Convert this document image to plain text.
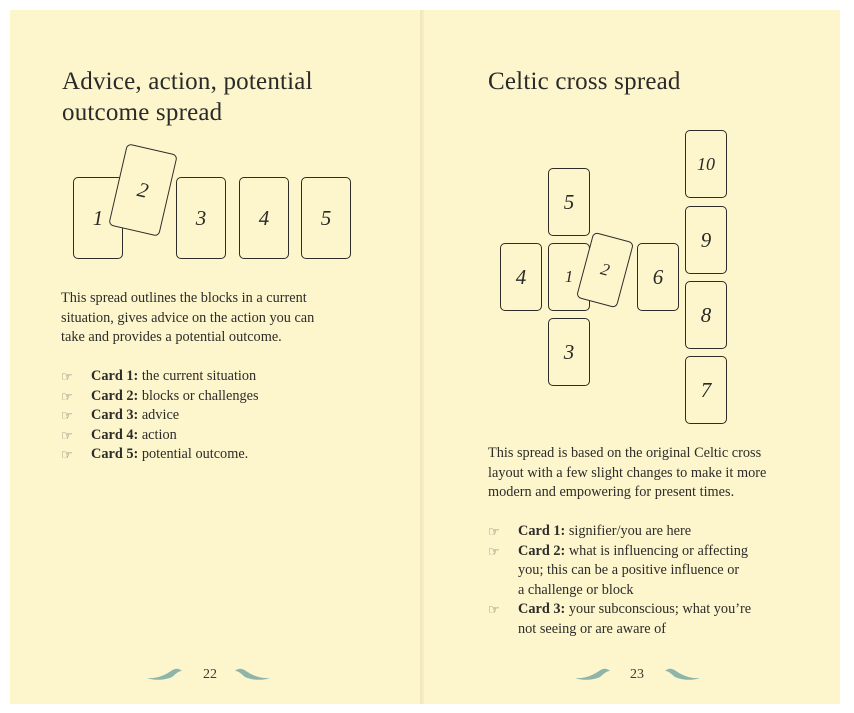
Advice, action, potential
outcome spread
1
2
3	4 5

This spread outlines the blocks in a current
situation, gives advice on the action you can
take and provides a potential outcome.

☞ Card 1: the current situation
☞ Card 2: blocks or challenges
☞ Card 3: advice
☞ Card 4: action
☞ Card 5: potential outcome.
22
Celtic cross spread
4 1 2 6
5
3
10
9
8
7

This spread is based on the original Celtic cross
layout with a few slight changes to make it more
modern and empowering for present times.

☞ Card 1: signifier/you are here
☞ Card 2: what is influencing or affecting
you; this can be a positive influence or
a challenge or block
☞ Card 3: your subconscious; what you’re
not seeing or are aware of
23
